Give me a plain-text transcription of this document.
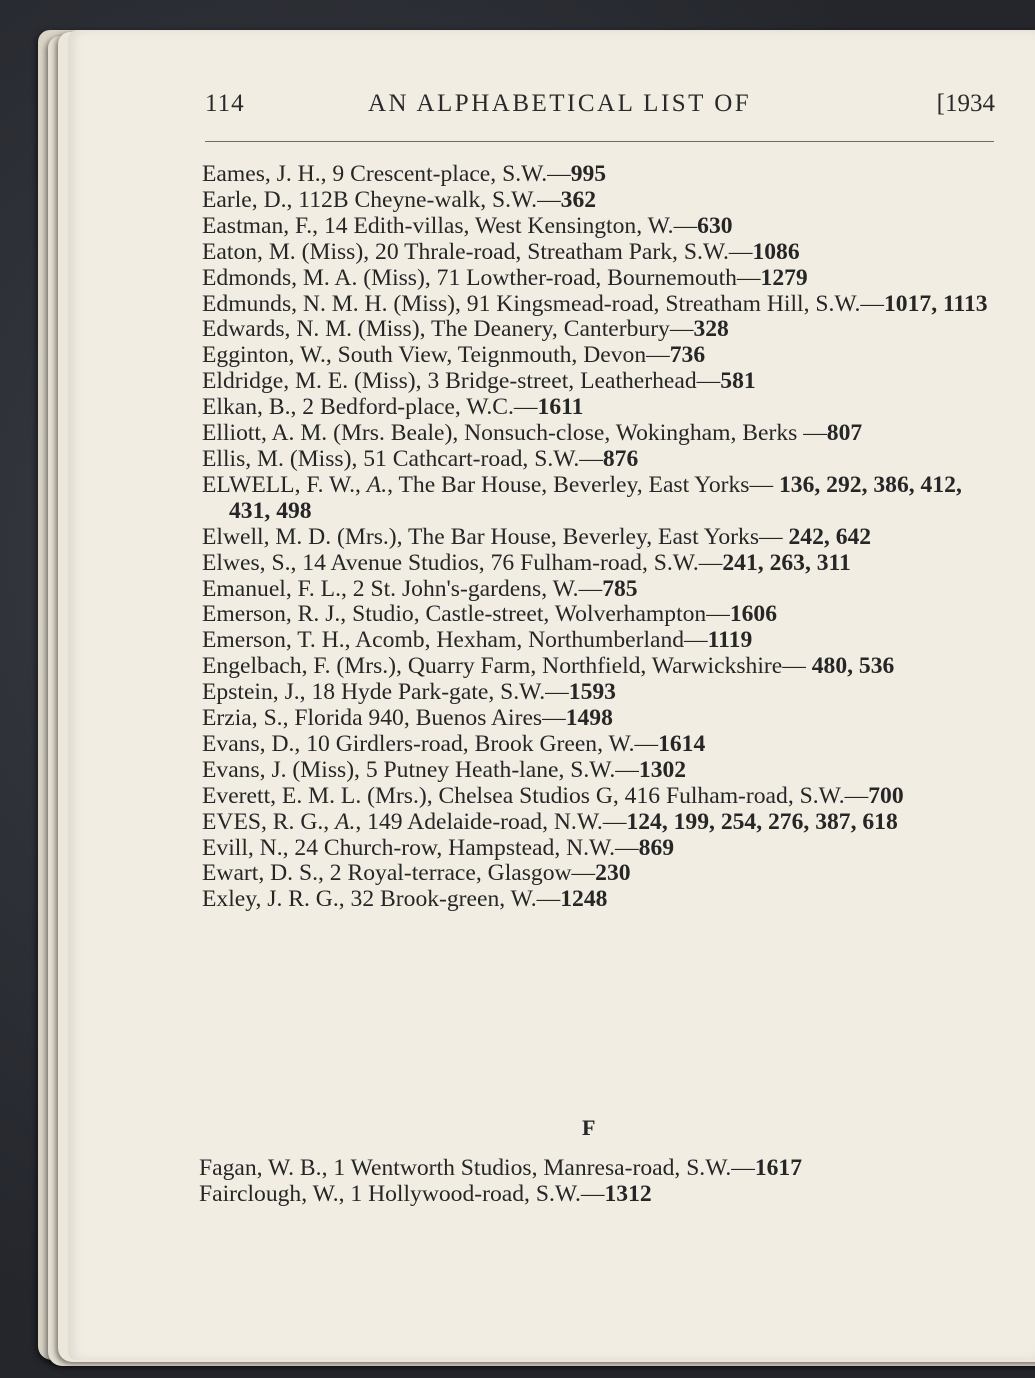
114	AN ALPHABETICAL LIST OF	[1934

Eames, J. H., 9 Crescent-place, S.W.—995

Earle, D., 112B Cheyne-walk, S.W.—362

Eastman, F., 14 Edith-villas, West Kensington, W.—630

Eaton, M. (Miss), 20 Thrale-road, Streatham Park, S.W.—1086

Edmonds, M. A. (Miss), 71 Lowther-road, Bournemouth—1279

Edmunds, N. M. H. (Miss), 91 Kingsmead-road, Streatham Hill, S.W.—1017, 1113

Edwards, N. M. (Miss), The Deanery, Canterbury—328

Egginton, W., South View, Teignmouth, Devon—736

Eldridge, M. E. (Miss), 3 Bridge-street, Leatherhead—581

Elkan, B., 2 Bedford-place, W.C.—1611

Elliott, A. M. (Mrs. Beale), Nonsuch-close, Wokingham, Berks —807

Ellis, M. (Miss), 51 Cathcart-road, S.W.—876

ELWELL, F. W., A., The Bar House, Beverley, East Yorks— 136, 292, 386, 412, 431, 498

Elwell, M. D. (Mrs.), The Bar House, Beverley, East Yorks— 242, 642

Elwes, S., 14 Avenue Studios, 76 Fulham-road, S.W.—241, 263, 311

Emanuel, F. L., 2 St. John's-gardens, W.—785

Emerson, R. J., Studio, Castle-street, Wolverhampton—1606

Emerson, T. H., Acomb, Hexham, Northumberland—1119

Engelbach, F. (Mrs.), Quarry Farm, Northfield, Warwickshire— 480, 536

Epstein, J., 18 Hyde Park-gate, S.W.—1593

Erzia, S., Florida 940, Buenos Aires—1498

Evans, D., 10 Girdlers-road, Brook Green, W.—1614

Evans, J. (Miss), 5 Putney Heath-lane, S.W.—1302

Everett, E. M. L. (Mrs.), Chelsea Studios G, 416 Fulham-road, S.W.—700

EVES, R. G., A., 149 Adelaide-road, N.W.—124, 199, 254, 276, 387, 618

Evill, N., 24 Church-row, Hampstead, N.W.—869

Ewart, D. S., 2 Royal-terrace, Glasgow—230

Exley, J. R. G., 32 Brook-green, W.—1248

F

Fagan, W. B., 1 Wentworth Studios, Manresa-road, S.W.—1617

Fairclough, W., 1 Hollywood-road, S.W.—1312
